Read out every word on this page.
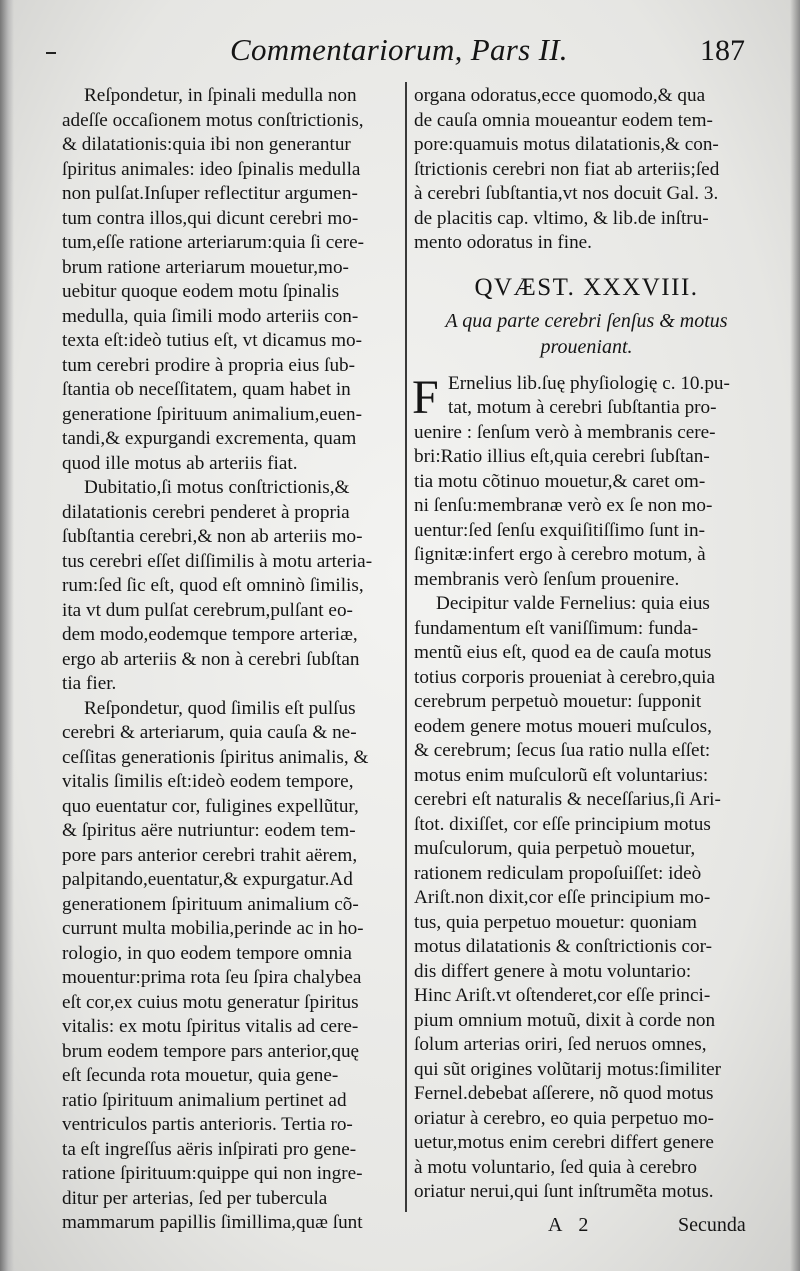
Commentariorum, Pars II.	187
Reſpondetur, in ſpinali medulla non
adeſſe occaſionem motus conſtrictionis,
& dilatationis:quia ibi non generantur
ſpiritus animales: ideo ſpinalis medulla
non pulſat.Inſuper reflectitur argumen-
tum contra illos,qui dicunt cerebri mo-
tum,eſſe ratione arteriarum:quia ſi cere-
brum ratione arteriarum mouetur,mo-
uebitur quoque eodem motu ſpinalis
medulla, quia ſimili modo arteriis con-
texta eſt:ideò tutius eſt, vt dicamus mo-
tum cerebri prodire à propria eius ſub-
ſtantia ob neceſſitatem, quam habet in
generatione ſpirituum animalium,euen-
tandi,& expurgandi excrementa, quam
quod ille motus ab arteriis fiat.
Dubitatio,ſi motus conſtrictionis,&
dilatationis cerebri penderet à propria
ſubſtantia cerebri,& non ab arteriis mo-
tus cerebri eſſet diſſimilis à motu arteria-
rum:ſed ſic eſt, quod eſt omninò ſimilis,
ita vt dum pulſat cerebrum,pulſant eo-
dem modo,eodemque tempore arteriæ,
ergo ab arteriis & non à cerebri ſubſtan
tia fier.
Reſpondetur, quod ſimilis eſt pulſus
cerebri & arteriarum, quia cauſa & ne-
ceſſitas generationis ſpiritus animalis, &
vitalis ſimilis eſt:ideò eodem tempore,
quo euentatur cor, fuligines expellũtur,
& ſpiritus aëre nutriuntur: eodem tem-
pore pars anterior cerebri trahit aërem,
palpitando,euentatur,& expurgatur.Ad
generationem ſpirituum animalium cõ-
currunt multa mobilia,perinde ac in ho-
rologio, in quo eodem tempore omnia
mouentur:prima rota ſeu ſpira chalybea
eſt cor,ex cuius motu generatur ſpiritus
vitalis: ex motu ſpiritus vitalis ad cere-
brum eodem tempore pars anterior,quę
eſt ſecunda rota mouetur, quia gene-
ratio ſpirituum animalium pertinet ad
ventriculos partis anterioris. Tertia ro-
ta eſt ingreſſus aëris inſpirati pro gene-
ratione ſpirituum:quippe qui non ingre-
ditur per arterias, ſed per tubercula
mammarum papillis ſimillima,quæ ſunt
organa odoratus,ecce quomodo,& qua
de cauſa omnia moueantur eodem tem-
pore:quamuis motus dilatationis,& con-
ſtrictionis cerebri non fiat ab arteriis;ſed
à cerebri ſubſtantia,vt nos docuit Gal. 3.
de placitis cap. vltimo, & lib.de inſtru-
mento odoratus in fine.
QVÆST. XXXVIII.
A qua parte cerebri ſenſus & motus
proueniant.
F Ernelius lib.ſuę phyſiologię c. 10.pu-
tat, motum à cerebri ſubſtantia pro-
uenire : ſenſum verò à membranis cere-
bri:Ratio illius eſt,quia cerebri ſubſtan-
tia motu cõtinuo mouetur,& caret om-
ni ſenſu:membranæ verò ex ſe non mo-
uentur:ſed ſenſu exquiſitiſſimo ſunt in-
ſignitæ:infert ergo à cerebro motum, à
membranis verò ſenſum prouenire.
Decipitur valde Fernelius: quia eius
fundamentum eſt vaniſſimum: funda-
mentũ eius eſt, quod ea de cauſa motus
totius corporis proueniat à cerebro,quia
cerebrum perpetuò mouetur: ſupponit
eodem genere motus moueri muſculos,
& cerebrum; ſecus ſua ratio nulla eſſet:
motus enim muſculorũ eſt voluntarius:
cerebri eſt naturalis & neceſſarius,ſi Ari-
ſtot. dixiſſet, cor eſſe principium motus
muſculorum, quia perpetuò mouetur,
rationem rediculam propoſuiſſet: ideò
Ariſt.non dixit,cor eſſe principium mo-
tus, quia perpetuo mouetur: quoniam
motus dilatationis & conſtrictionis cor-
dis differt genere à motu voluntario:
Hinc Ariſt.vt oſtenderet,cor eſſe princi-
pium omnium motuũ, dixit à corde non
ſolum arterias oriri, ſed neruos omnes,
qui sũt origines volũtarij motus:ſimiliter
Fernel.debebat aſſerere, nõ quod motus
oriatur à cerebro, eo quia perpetuo mo-
uetur,motus enim cerebri differt genere
à motu voluntario, ſed quia à cerebro
oriatur nerui,qui ſunt inſtrumẽta motus.
A 2	Secunda
